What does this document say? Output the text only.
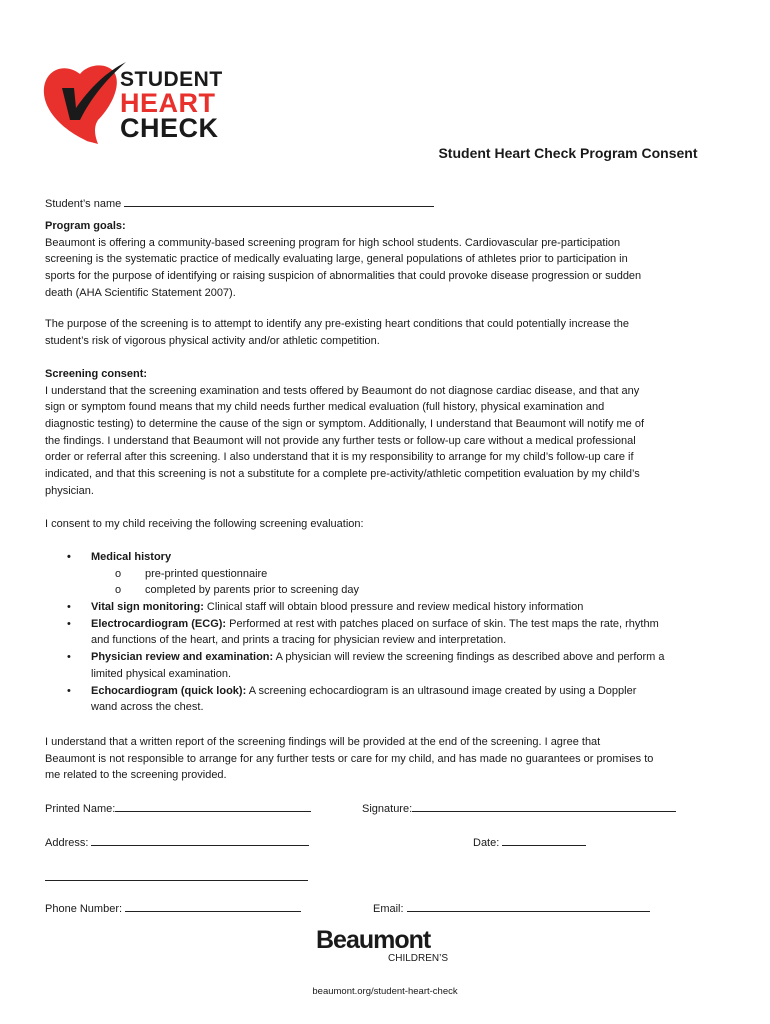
STUDENT
HEART
CHECK
Student Heart Check Program Consent
Student’s name
Program goals:
Beaumont is offering a community-based screening program for high school students. Cardiovascular pre-participation
screening is the systematic practice of medically evaluating large, general populations of athletes prior to participation in
sports for the purpose of identifying or raising suspicion of abnormalities that could provoke disease progression or sudden
death (AHA Scientific Statement 2007).
The purpose of the screening is to attempt to identify any pre-existing heart conditions that could potentially increase the
student’s risk of vigorous physical activity and/or athletic competition.
Screening consent:
I understand that the screening examination and tests offered by Beaumont do not diagnose cardiac disease, and that any
sign or symptom found means that my child needs further medical evaluation (full history, physical examination and
diagnostic testing) to determine the cause of the sign or symptom. Additionally, I understand that Beaumont will notify me of
the findings. I understand that Beaumont will not provide any further tests or follow-up care without a medical professional
order or referral after this screening. I also understand that it is my responsibility to arrange for my child’s follow-up care if
indicated, and that this screening is not a substitute for a complete pre-activity/athletic competition evaluation by my child’s
physician.
I consent to my child receiving the following screening evaluation:
• Medical history
o pre-printed questionnaire
o completed by parents prior to screening day
• Vital sign monitoring: Clinical staff will obtain blood pressure and review medical history information
• Electrocardiogram (ECG): Performed at rest with patches placed on surface of skin. The test maps the rate, rhythm
and functions of the heart, and prints a tracing for physician review and interpretation.
• Physician review and examination: A physician will review the screening findings as described above and perform a
limited physical examination.
• Echocardiogram (quick look): A screening echocardiogram is an ultrasound image created by using a Doppler
wand across the chest.
I understand that a written report of the screening findings will be provided at the end of the screening. I agree that
Beaumont is not responsible to arrange for any further tests or care for my child, and has made no guarantees or promises to
me related to the screening provided.
Printed Name:	Signature:
Address:	Date:
Phone Number:	Email:
Beaumont
CHILDREN’S
beaumont.org/student-heart-check
